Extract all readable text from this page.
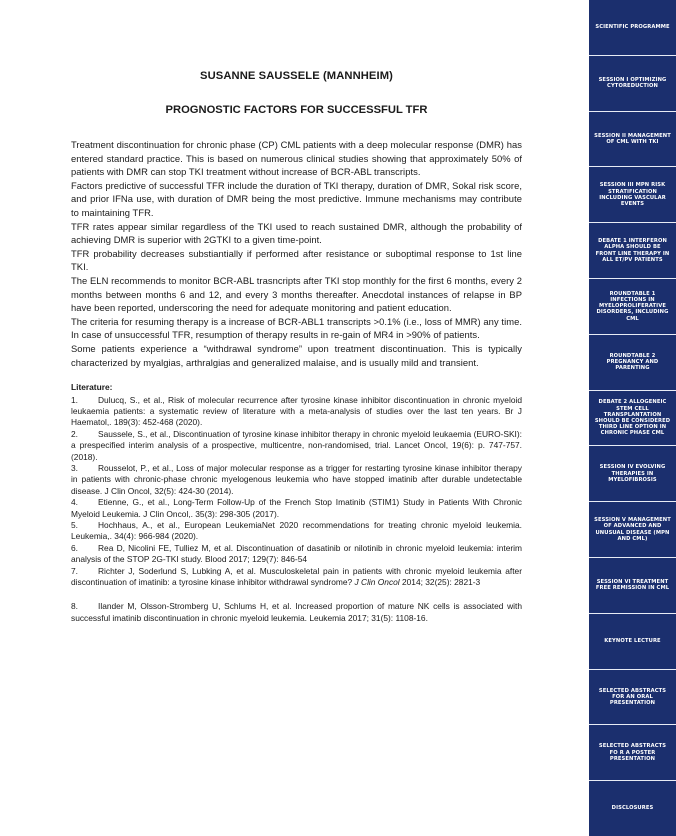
SUSANNE SAUSSELE (MANNHEIM)
PROGNOSTIC FACTORS FOR SUCCESSFUL TFR

Treatment discontinuation for chronic phase (CP) CML patients with a deep molecular response (DMR) has entered standard practice. This is based on numerous clinical studies showing that approximately 50% of patients with DMR can stop TKI treatment without increase of BCR-ABL transcripts.

Factors predictive of successful TFR include the duration of TKI therapy, duration of DMR, Sokal risk score, and prior IFNa use, with duration of DMR being the most predictive. Immune mechanisms may contribute to maintaining TFR.

TFR rates appear similar regardless of the TKI used to reach sustained DMR, although the probability of achieving DMR is superior with 2GTKI to a given time-point.

TFR probability decreases substiantially if performed after resistance or suboptimal response to 1st line TKI.

The ELN recommends to monitor BCR-ABL trasncripts after TKI stop monthly for the first 6 months, every 2 months between months 6 and 12, and every 3 months thereafter. Anecdotal instances of relapse in BP have been reported, underscoring the need for adequate monitoring and patient education.

The criteria for resuming therapy is a increase of BCR-ABL1 transcripts >0.1% (i.e., loss of MMR) any time. In case of unsuccessful TFR, resumption of therapy results in re-gain of MR4 in >90% of patients.

Some patients experience a “withdrawal syndrome” upon treatment discontinuation. This is typically characterized by myalgias, arthralgias and generalized malaise, and is usually mild and transient.

Literature:
1. Dulucq, S., et al., Risk of molecular recurrence after tyrosine kinase inhibitor discontinuation in chronic myeloid leukaemia patients: a systematic review of literature with a meta-analysis of studies over the last ten years. Br J Haematol,. 189(3): 452-468 (2020).
2. Saussele, S., et al., Discontinuation of tyrosine kinase inhibitor therapy in chronic myeloid leukaemia (EURO-SKI): a prespecified interim analysis of a prospective, multicentre, non-randomised, trial. Lancet Oncol, 19(6): p. 747-757. (2018).
3. Rousselot, P., et al., Loss of major molecular response as a trigger for restarting tyrosine kinase inhibitor therapy in patients with chronic-phase chronic myelogenous leukemia who have stopped imatinib after durable undetectable disease. J Clin Oncol, 32(5): 424-30 (2014).
4. Etienne, G., et al., Long-Term Follow-Up of the French Stop Imatinib (STIM1) Study in Patients With Chronic Myeloid Leukemia. J Clin Oncol,. 35(3): 298-305 (2017).
5. Hochhaus, A., et al., European LeukemiaNet 2020 recommendations for treating chronic myeloid leukemia. Leukemia,. 34(4): 966-984 (2020).
6. Rea D, Nicolini FE, Tulliez M, et al. Discontinuation of dasatinib or nilotinib in chronic myeloid leukemia: interim analysis of the STOP 2G-TKI study. Blood 2017; 129(7): 846-54
7. Richter J, Soderlund S, Lubking A, et al. Musculoskeletal pain in patients with chronic myeloid leukemia after discontinuation of imatinib: a tyrosine kinase inhibitor withdrawal syndrome? J Clin Oncol 2014; 32(25): 2821-3
8. Ilander M, Olsson-Stromberg U, Schlums H, et al. Increased proportion of mature NK cells is associated with successful imatinib discontinuation in chronic myeloid leukemia. Leukemia 2017; 31(5): 1108-16.
SCIENTIFIC PROGRAMME
SESSION I OPTIMIZING CYTOREDUCTION
SESSION II MANAGEMENT OF CML WITH TKI
SESSION III MPN RISK STRATIFICATION INCLUDING VASCULAR EVENTS
DEBATE 1 INTERFERON ALPHA SHOULD BE FRONT LINE THERAPY IN ALL ET/PV PATIENTS
ROUNDTABLE 1 INFECTIONS IN MYELOPROLIFERATIVE DISORDERS, INCLUDING CML
ROUNDTABLE 2 PREGNANCY AND PARENTING
DEBATE 2 ALLOGENEIC STEM CELL TRANSPLANTATION SHOULD BE CONSIDERED THIRD LINE OPTION IN CHRONIC PHASE CML
SESSION IV EVOLVING THERAPIES IN MYELOFIBROSIS
SESSION V MANAGEMENT OF ADVANCED AND UNUSUAL DISEASE (MPN AND CML)
SESSION VI TREATMENT FREE REMISSION IN CML
KEYNOTE LECTURE
SELECTED ABSTRACTS FOR AN ORAL PRESENTATION
SELECTED ABSTRACTS FO R A POSTER PRESENTATION
DISCLOSURES
